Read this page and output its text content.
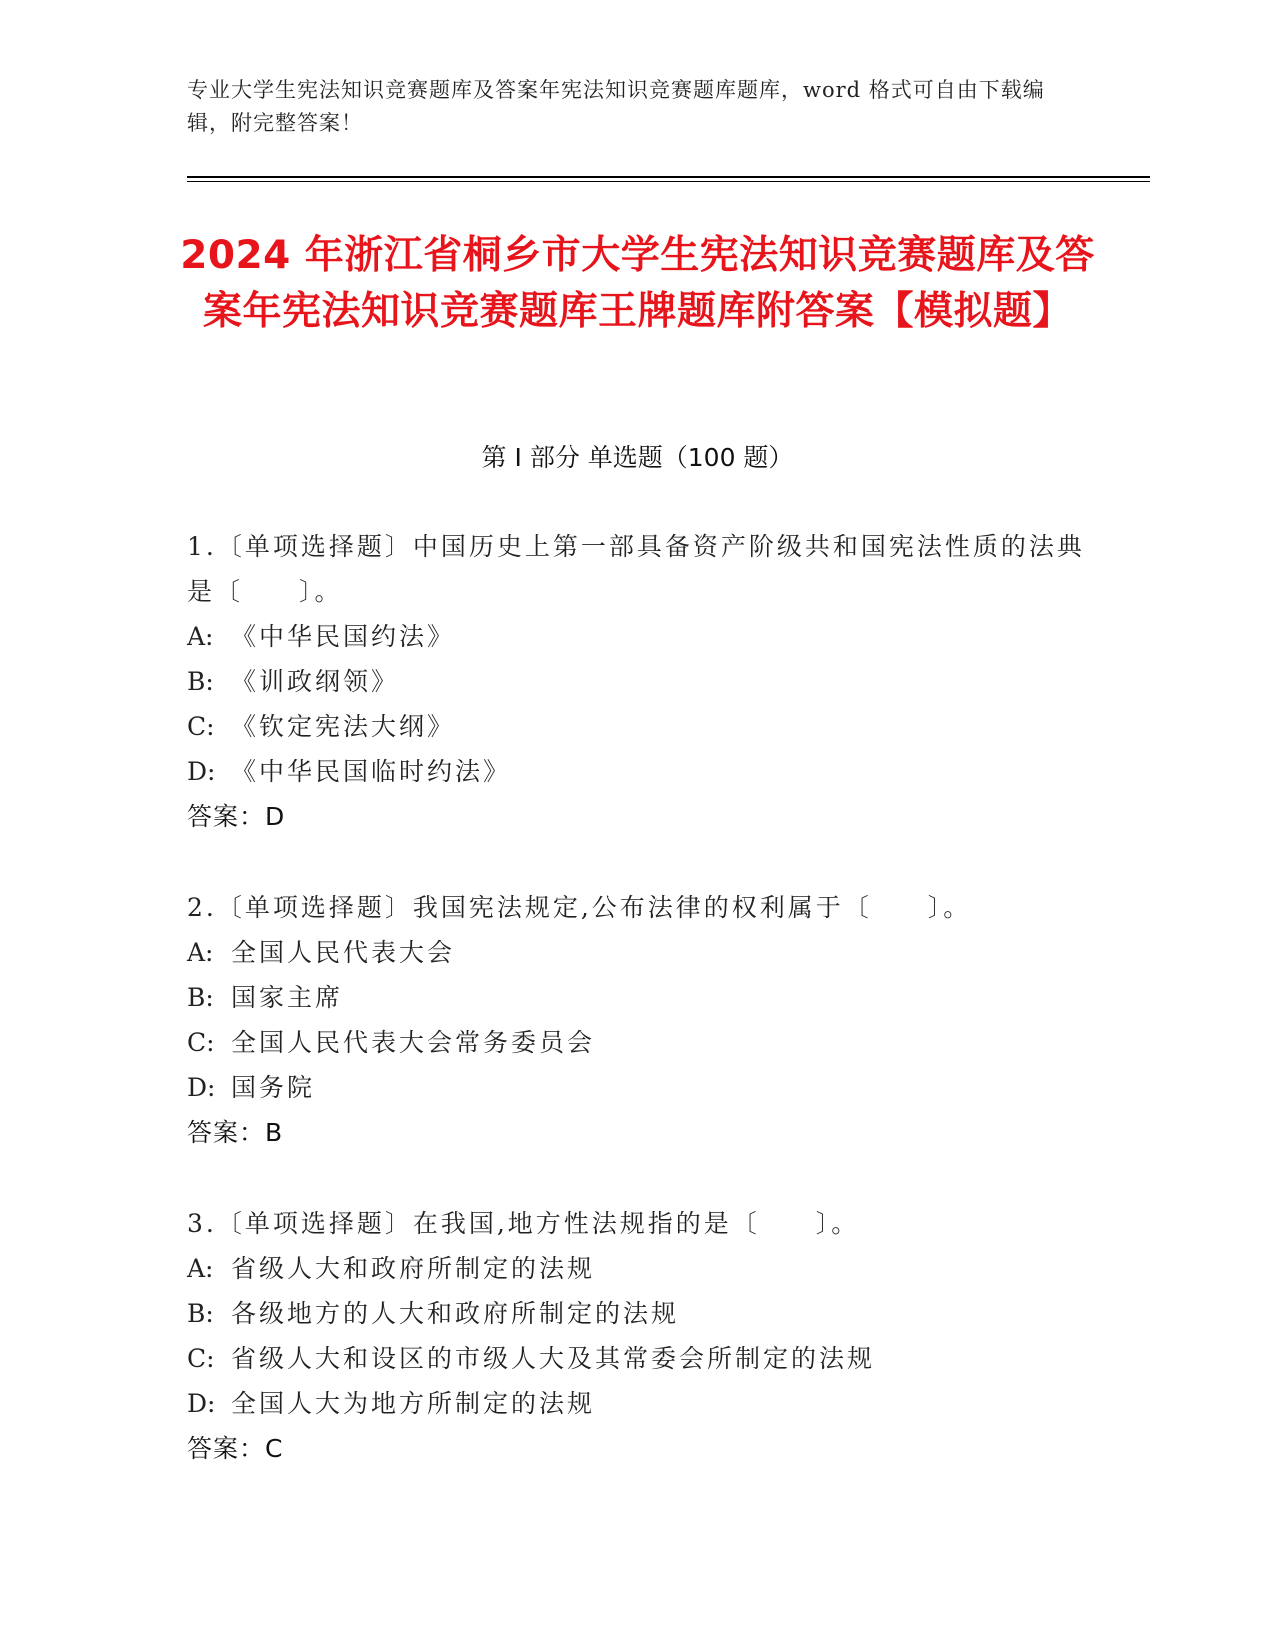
专业大学生宪法知识竞赛题库及答案年宪法知识竞赛题库题库，word 格式可自由下载编辑，附完整答案！
2024 年浙江省桐乡市大学生宪法知识竞赛题库及答案年宪法知识竞赛题库王牌题库附答案【模拟题】
第 I 部分 单选题（100 题）
1.〔单项选择题〕中国历史上第一部具备资产阶级共和国宪法性质的法典是〔　　〕。
A: 《中华民国约法》
B: 《训政纲领》
C: 《钦定宪法大纲》
D: 《中华民国临时约法》
答案：D
2.〔单项选择题〕我国宪法规定,公布法律的权利属于〔　　〕。
A: 全国人民代表大会
B: 国家主席
C: 全国人民代表大会常务委员会
D: 国务院
答案：B
3.〔单项选择题〕在我国,地方性法规指的是〔　　〕。
A: 省级人大和政府所制定的法规
B: 各级地方的人大和政府所制定的法规
C: 省级人大和设区的市级人大及其常委会所制定的法规
D: 全国人大为地方所制定的法规
答案：C
